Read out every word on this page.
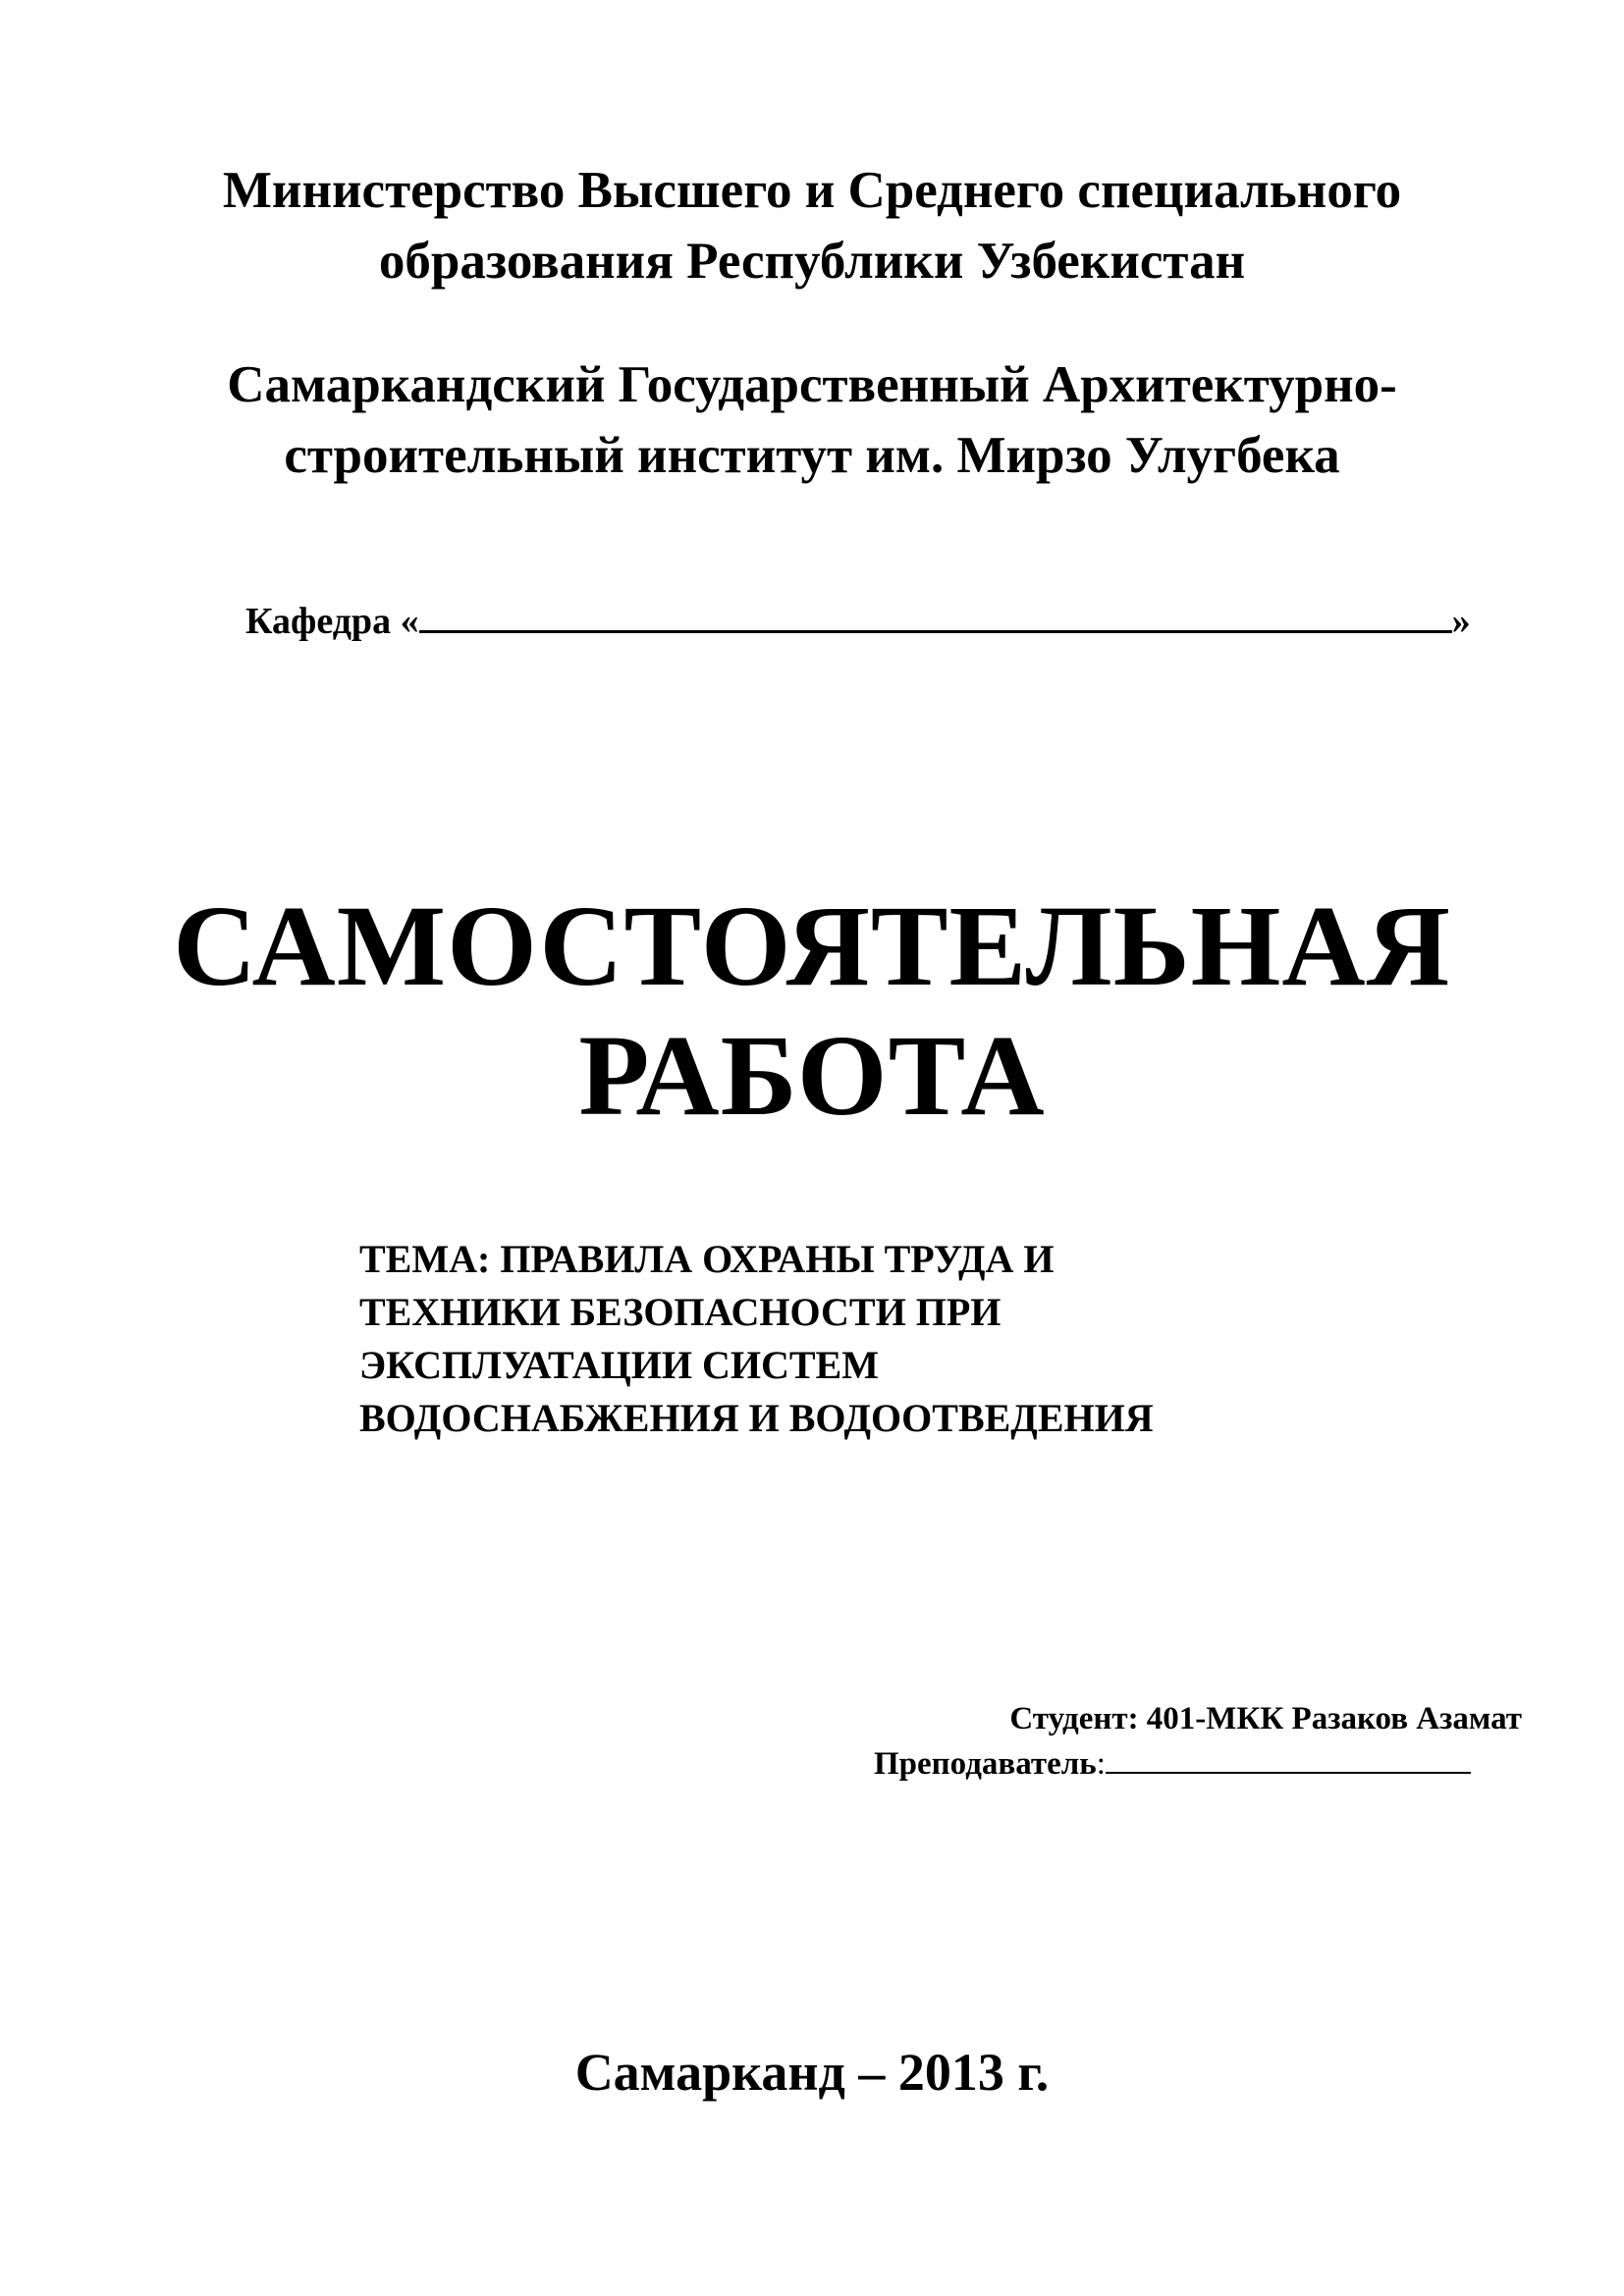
Министерство Высшего и Среднего специального
образования Республики Узбекистан
Самаркандский Государственный Архитектурно-
строительный институт им. Мирзо Улугбека
Кафедра «	»
САМОСТОЯТЕЛЬНАЯ
РАБОТА
ТЕМА: ПРАВИЛА ОХРАНЫ ТРУДА И
ТЕХНИКИ БЕЗОПАСНОСТИ ПРИ
ЭКСПЛУАТАЦИИ СИСТЕМ
ВОДОСНАБЖЕНИЯ И ВОДООТВЕДЕНИЯ
Студент: 401-МКК Разаков Азамат
Преподаватель:
Самарканд – 2013 г.
